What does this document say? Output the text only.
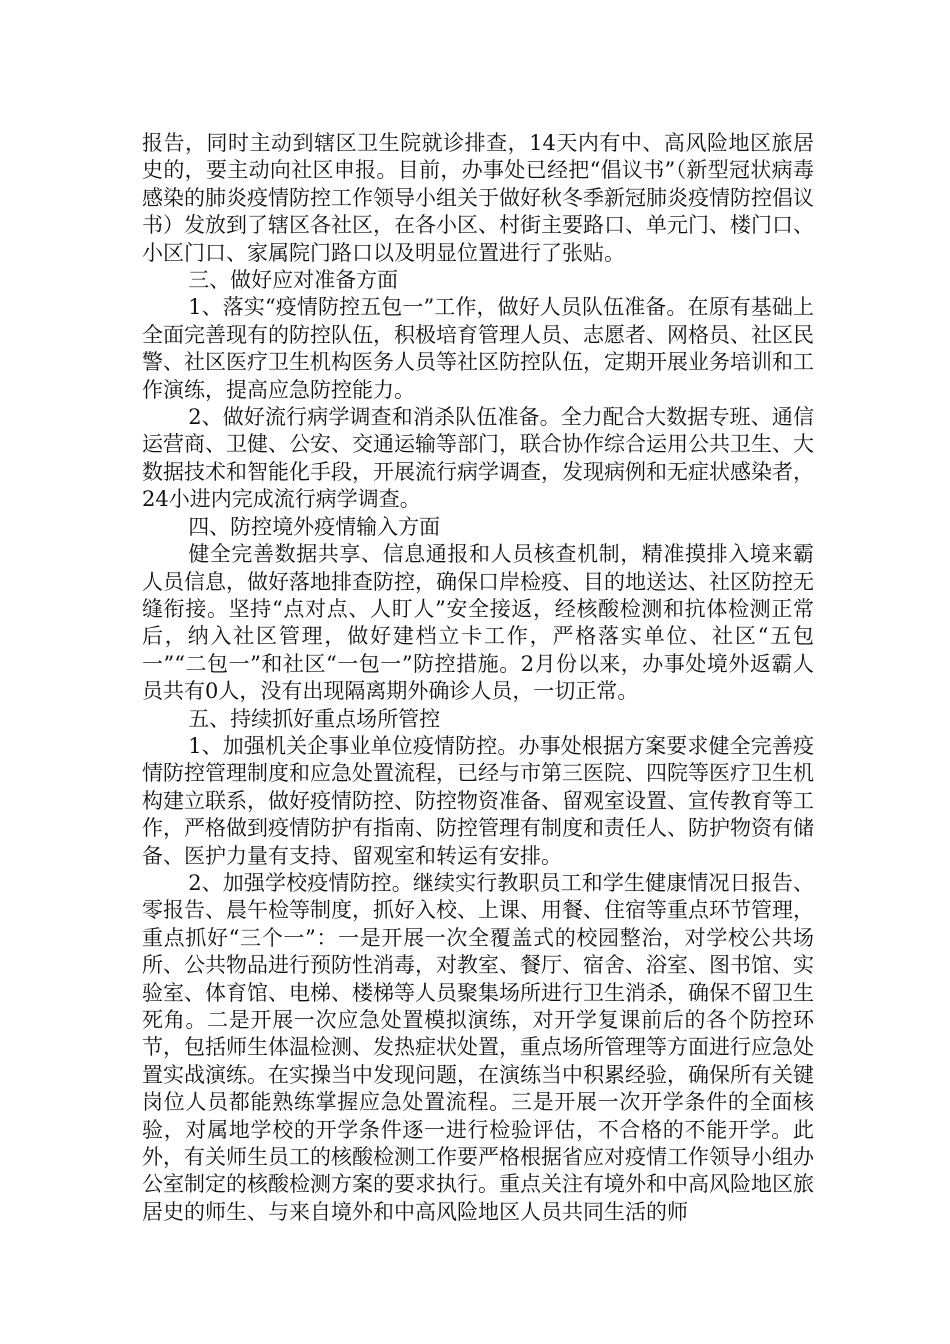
报告，同时主动到辖区卫生院就诊排查，14天内有中、高风险地区旅居史的，要主动向社区申报。目前，办事处已经把“倡议书”（新型冠状病毒感染的肺炎疫情防控工作领导小组关于做好秋冬季新冠肺炎疫情防控倡议书）发放到了辖区各社区，在各小区、村街主要路口、单元门、楼门口、小区门口、家属院门路口以及明显位置进行了张贴。

三、做好应对准备方面

1、落实“疫情防控五包一”工作，做好人员队伍准备。在原有基础上全面完善现有的防控队伍，积极培育管理人员、志愿者、网格员、社区民警、社区医疗卫生机构医务人员等社区防控队伍，定期开展业务培训和工作演练，提高应急防控能力。

2、做好流行病学调查和消杀队伍准备。全力配合大数据专班、通信运营商、卫健、公安、交通运输等部门，联合协作综合运用公共卫生、大数据技术和智能化手段，开展流行病学调查，发现病例和无症状感染者，24小进内完成流行病学调查。

四、防控境外疫情输入方面

健全完善数据共享、信息通报和人员核查机制，精准摸排入境来霸人员信息，做好落地排查防控，确保口岸检疫、目的地送达、社区防控无缝衔接。坚持“点对点、人盯人”安全接返，经核酸检测和抗体检测正常后，纳入社区管理，做好建档立卡工作，严格落实单位、社区“五包一”“二包一”和社区“一包一”防控措施。2月份以来，办事处境外返霸人员共有0人，没有出现隔离期外确诊人员，一切正常。

五、持续抓好重点场所管控

1、加强机关企事业单位疫情防控。办事处根据方案要求健全完善疫情防控管理制度和应急处置流程，已经与市第三医院、四院等医疗卫生机构建立联系，做好疫情防控、防控物资准备、留观室设置、宣传教育等工作，严格做到疫情防护有指南、防控管理有制度和责任人、防护物资有储备、医护力量有支持、留观室和转运有安排。

2、加强学校疫情防控。继续实行教职员工和学生健康情况日报告、零报告、晨午检等制度，抓好入校、上课、用餐、住宿等重点环节管理，重点抓好“三个一”：一是开展一次全覆盖式的校园整治，对学校公共场所、公共物品进行预防性消毒，对教室、餐厅、宿舍、浴室、图书馆、实验室、体育馆、电梯、楼梯等人员聚集场所进行卫生消杀，确保不留卫生死角。二是开展一次应急处置模拟演练，对开学复课前后的各个防控环节，包括师生体温检测、发热症状处置，重点场所管理等方面进行应急处置实战演练。在实操当中发现问题，在演练当中积累经验，确保所有关键岗位人员都能熟练掌握应急处置流程。三是开展一次开学条件的全面核验，对属地学校的开学条件逐一进行检验评估，不合格的不能开学。此外，有关师生员工的核酸检测工作要严格根据省应对疫情工作领导小组办公室制定的核酸检测方案的要求执行。重点关注有境外和中高风险地区旅居史的师生、与来自境外和中高风险地区人员共同生活的师
